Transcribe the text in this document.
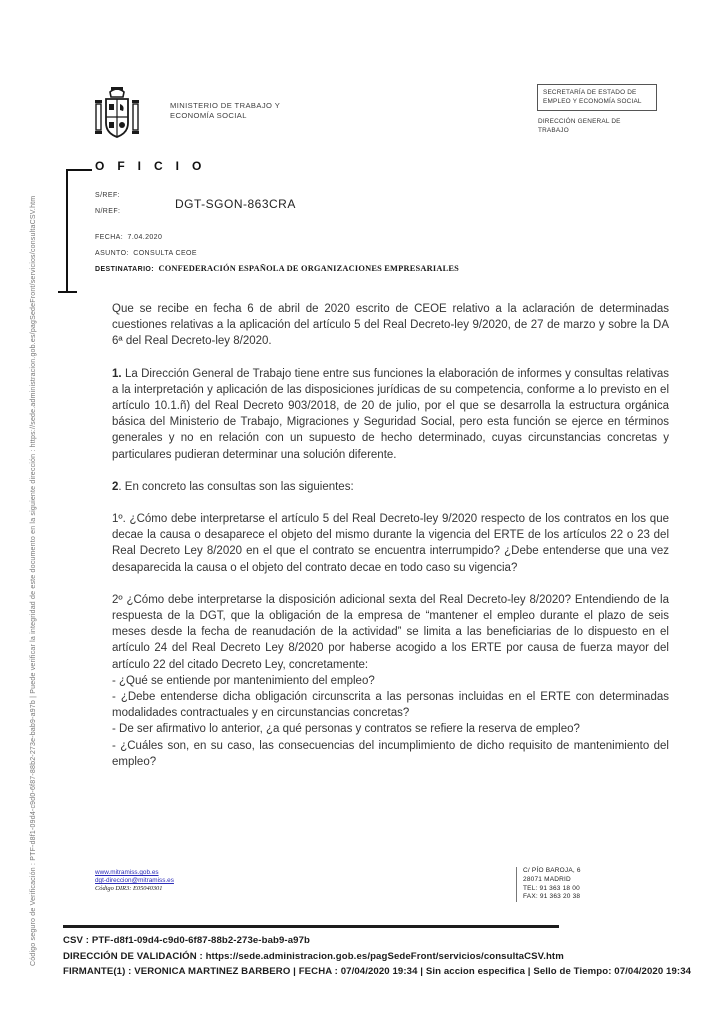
Código seguro de Verificación : PTF-d8f1-09d4-c9d0-6f87-88b2-273e-bab9-a97b | Puede verificar la integridad de este documento en la siguiente dirección : https://sede.administracion.gob.es/pagSedeFront/servicios/consultaCSV.htm
MINISTERIO DE TRABAJO Y
ECONOMÍA SOCIAL
SECRETARÍA DE ESTADO DE
EMPLEO Y ECONOMÍA SOCIAL
DIRECCIÓN GENERAL DE
TRABAJO
OFICIO
S/REF:
N/REF:
DGT-SGON-863CRA
FECHA: 7.04.2020
ASUNTO: CONSULTA CEOE
DESTINATARIO: CONFEDERACIÓN ESPAÑOLA DE ORGANIZACIONES EMPRESARIALES

Que se recibe en fecha 6 de abril de 2020 escrito de CEOE relativo a la aclaración de determinadas cuestiones relativas a la aplicación del artículo 5 del Real Decreto-ley 9/2020, de 27 de marzo y sobre la DA 6ª del Real Decreto-ley 8/2020.

1. La Dirección General de Trabajo tiene entre sus funciones la elaboración de informes y consultas relativas a la interpretación y aplicación de las disposiciones jurídicas de su competencia, conforme a lo previsto en el artículo 10.1.ñ) del Real Decreto 903/2018, de 20 de julio, por el que se desarrolla la estructura orgánica básica del Ministerio de Trabajo, Migraciones y Seguridad Social, pero esta función se ejerce en términos generales y no en relación con un supuesto de hecho determinado, cuyas circunstancias concretas y particulares pudieran determinar una solución diferente.

2. En concreto las consultas son las siguientes:

1º. ¿Cómo debe interpretarse el artículo 5 del Real Decreto-ley 9/2020 respecto de los contratos en los que decae la causa o desaparece el objeto del mismo durante la vigencia del ERTE de los artículos 22 o 23 del Real Decreto Ley 8/2020 en el que el contrato se encuentra interrumpido? ¿Debe entenderse que una vez desaparecida la causa o el objeto del contrato decae en todo caso su vigencia?

2º ¿Cómo debe interpretarse la disposición adicional sexta del Real Decreto-ley 8/2020? Entendiendo de la respuesta de la DGT, que la obligación de la empresa de “mantener el empleo durante el plazo de seis meses desde la fecha de reanudación de la actividad” se limita a las beneficiarias de lo dispuesto en el artículo 24 del Real Decreto Ley 8/2020 por haberse acogido a los ERTE por causa de fuerza mayor del artículo 22 del citado Decreto Ley, concretamente:
- ¿Qué se entiende por mantenimiento del empleo?
- ¿Debe entenderse dicha obligación circunscrita a las personas incluidas en el ERTE con determinadas modalidades contractuales y en circunstancias concretas?
- De ser afirmativo lo anterior, ¿a qué personas y contratos se refiere la reserva de empleo?
- ¿Cuáles son, en su caso, las consecuencias del incumplimiento de dicho requisito de mantenimiento del empleo?

www.mitramiss.gob.es
dgt-direccion@mitramiss.es
Código DIR3: E05040301
C/ PÍO BAROJA, 6
28071 MADRID
TEL: 91 363 18 00
FAX: 91 363 20 38
CSV : PTF-d8f1-09d4-c9d0-6f87-88b2-273e-bab9-a97b
DIRECCIÓN DE VALIDACIÓN : https://sede.administracion.gob.es/pagSedeFront/servicios/consultaCSV.htm
FIRMANTE(1) : VERONICA MARTINEZ BARBERO | FECHA : 07/04/2020 19:34 | Sin accion especifica | Sello de Tiempo: 07/04/2020 19:34
